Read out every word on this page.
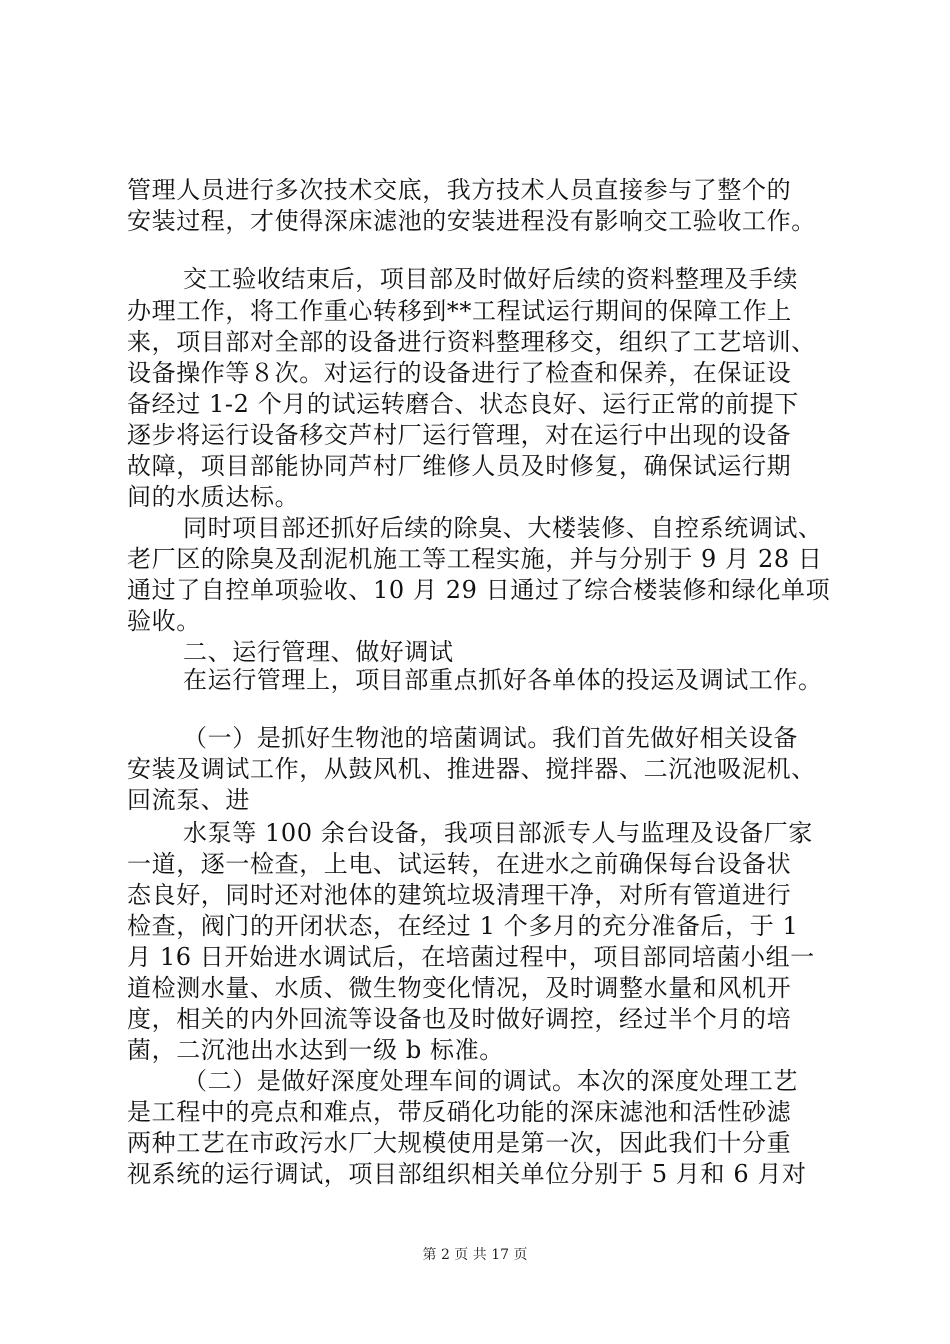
管理人员进行多次技术交底，我方技术人员直接参与了整个的
安装过程，才使得深床滤池的安装进程没有影响交工验收工作。
交工验收结束后，项目部及时做好后续的资料整理及手续
办理工作，将工作重心转移到**工程试运行期间的保障工作上
来，项目部对全部的设备进行资料整理移交，组织了工艺培训、
设备操作等８次。对运行的设备进行了检查和保养，在保证设
备经过 1-2 个月的试运转磨合、状态良好、运行正常的前提下
逐步将运行设备移交芦村厂运行管理，对在运行中出现的设备
故障，项目部能协同芦村厂维修人员及时修复，确保试运行期
间的水质达标。
同时项目部还抓好后续的除臭、大楼装修、自控系统调试、
老厂区的除臭及刮泥机施工等工程实施，并与分别于 9 月 28 日
通过了自控单项验收、10 月 29 日通过了综合楼装修和绿化单项
验收。
二、运行管理、做好调试
在运行管理上，项目部重点抓好各单体的投运及调试工作。
（一）是抓好生物池的培菌调试。我们首先做好相关设备
安装及调试工作，从鼓风机、推进器、搅拌器、二沉池吸泥机、
回流泵、进
水泵等 100 余台设备，我项目部派专人与监理及设备厂家
一道，逐一检查，上电、试运转，在进水之前确保每台设备状
态良好，同时还对池体的建筑垃圾清理干净，对所有管道进行
检查，阀门的开闭状态，在经过 1 个多月的充分准备后，于 1
月 16 日开始进水调试后，在培菌过程中，项目部同培菌小组一
道检测水量、水质、微生物变化情况，及时调整水量和风机开
度，相关的内外回流等设备也及时做好调控，经过半个月的培
菌，二沉池出水达到一级 b 标准。
（二）是做好深度处理车间的调试。本次的深度处理工艺
是工程中的亮点和难点，带反硝化功能的深床滤池和活性砂滤
两种工艺在市政污水厂大规模使用是第一次，因此我们十分重
视系统的运行调试，项目部组织相关单位分别于 5 月和 6 月对
第 2 页 共 17 页
